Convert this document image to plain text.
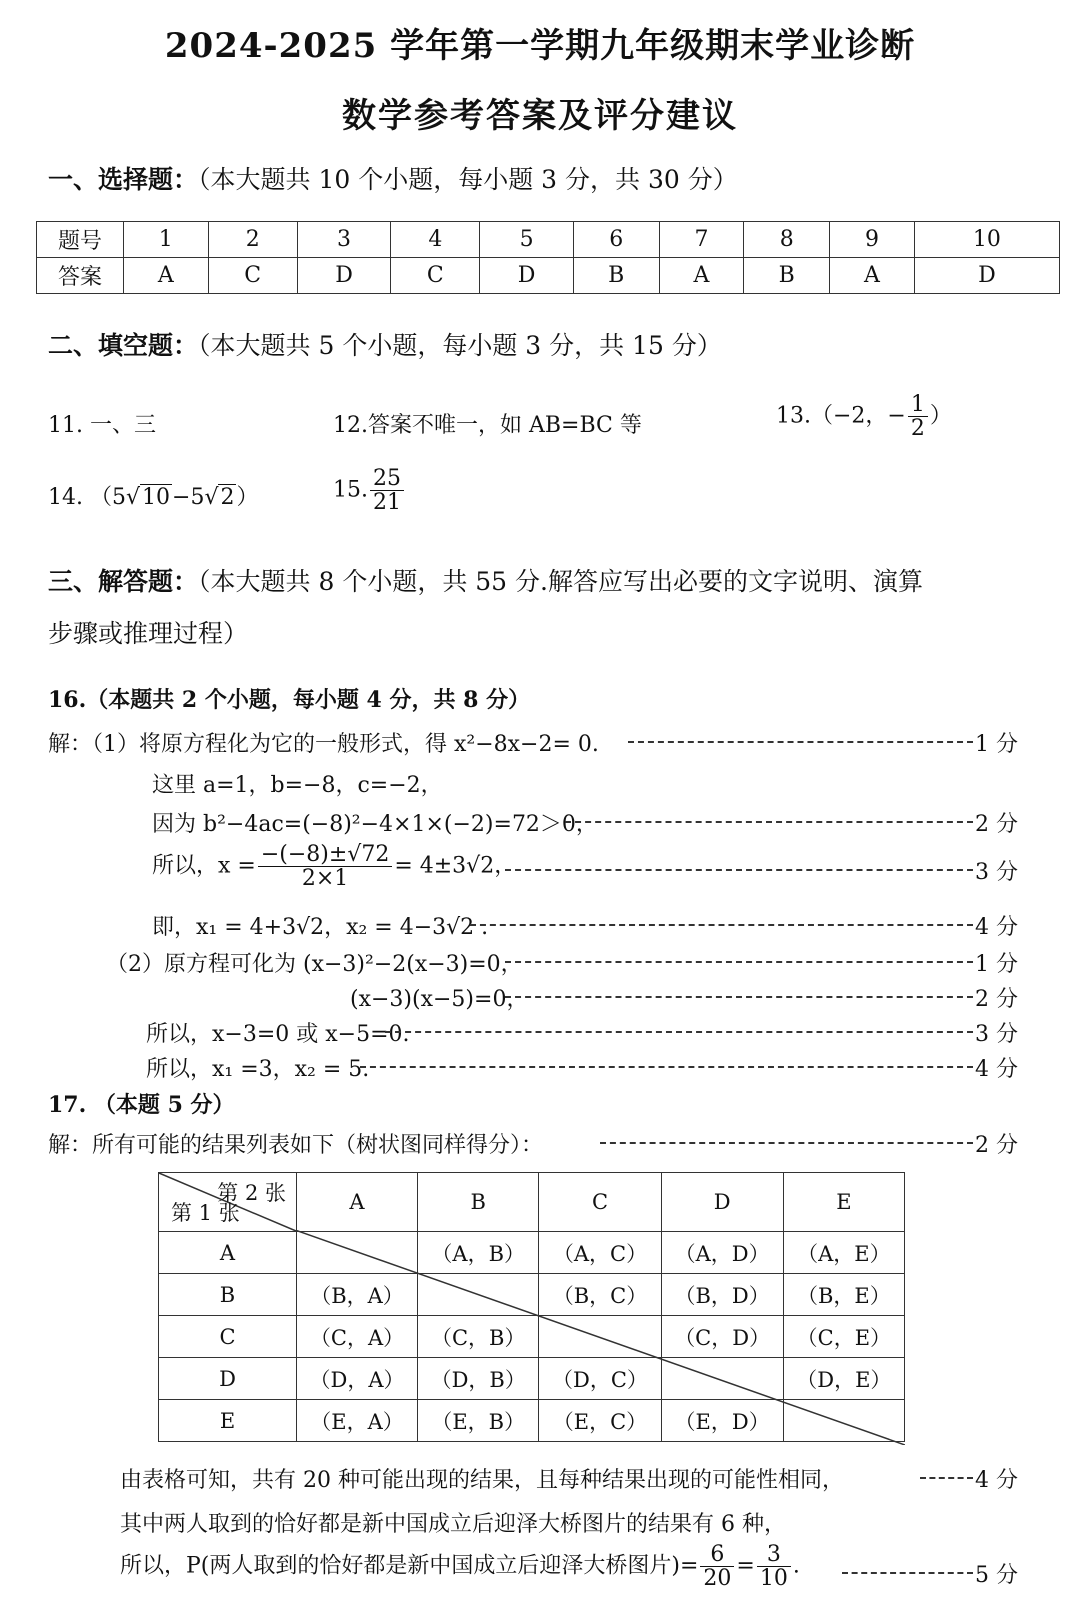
2024-2025 学年第一学期九年级期末学业诊断
数学参考答案及评分建议
一、选择题：（本大题共 10 个小题，每小题 3 分，共 30 分）
题号	1	2	3	4	5	6	7	8	9	10
答案	A	C	D	C	D	B	A	B	A	D
二、填空题：（本大题共 5 个小题，每小题 3 分，共 15 分）
11. 一、三	12.答案不唯一，如 AB=BC 等	13.（−2，− $\frac{1}{2}$ ）
14. （5√10−5√2）	15. $\frac{25}{21}$
三、解答题：（本大题共 8 个小题，共 55 分.解答应写出必要的文字说明、演算
步骤或推理过程）
16.（本题共 2 个小题，每小题 4 分，共 8 分）
解：（1）将原方程化为它的一般形式，得 x²−8x−2= 0.	1 分
这里 a=1，b=−8，c=−2，
因为 b²−4ac=(−8)²−4×1×(−2)=72＞0，	2 分
所以，$x = \frac{-(-8)\pm√72}{2\times 1} = 4\pm 3√2$，	3 分
即，x₁ = 4+3√2，x₂ = 4−3√2 .	4 分
（2）原方程可化为 (x−3)²−2(x−3)=0，	1 分
(x−3)(x−5)=0，	2 分
所以，x−3=0 或 x−5=0.	3 分
所以，x₁ =3，x₂ = 5.	4 分
17. （本题 5 分）
解：所有可能的结果列表如下（树状图同样得分）：	2 分
第 2 张
第 1 张	A	B	C	D	E
A		（A，B）	（A，C）	（A，D）	（A，E）
B	（B，A）		（B，C）	（B，D）	（B，E）
C	（C，A）	（C，B）		（C，D）	（C，E）
D	（D，A）	（D，B）	（D，C）		（D，E）
E	（E，A）	（E，B）	（E，C）	（E，D）	
由表格可知，共有 20 种可能出现的结果，且每种结果出现的可能性相同，	4 分
其中两人取到的恰好都是新中国成立后迎泽大桥图片的结果有 6 种，
所以，P(两人取到的恰好都是新中国成立后迎泽大桥图片)= $\frac{6}{20} = \frac{3}{10}$ .	5 分
